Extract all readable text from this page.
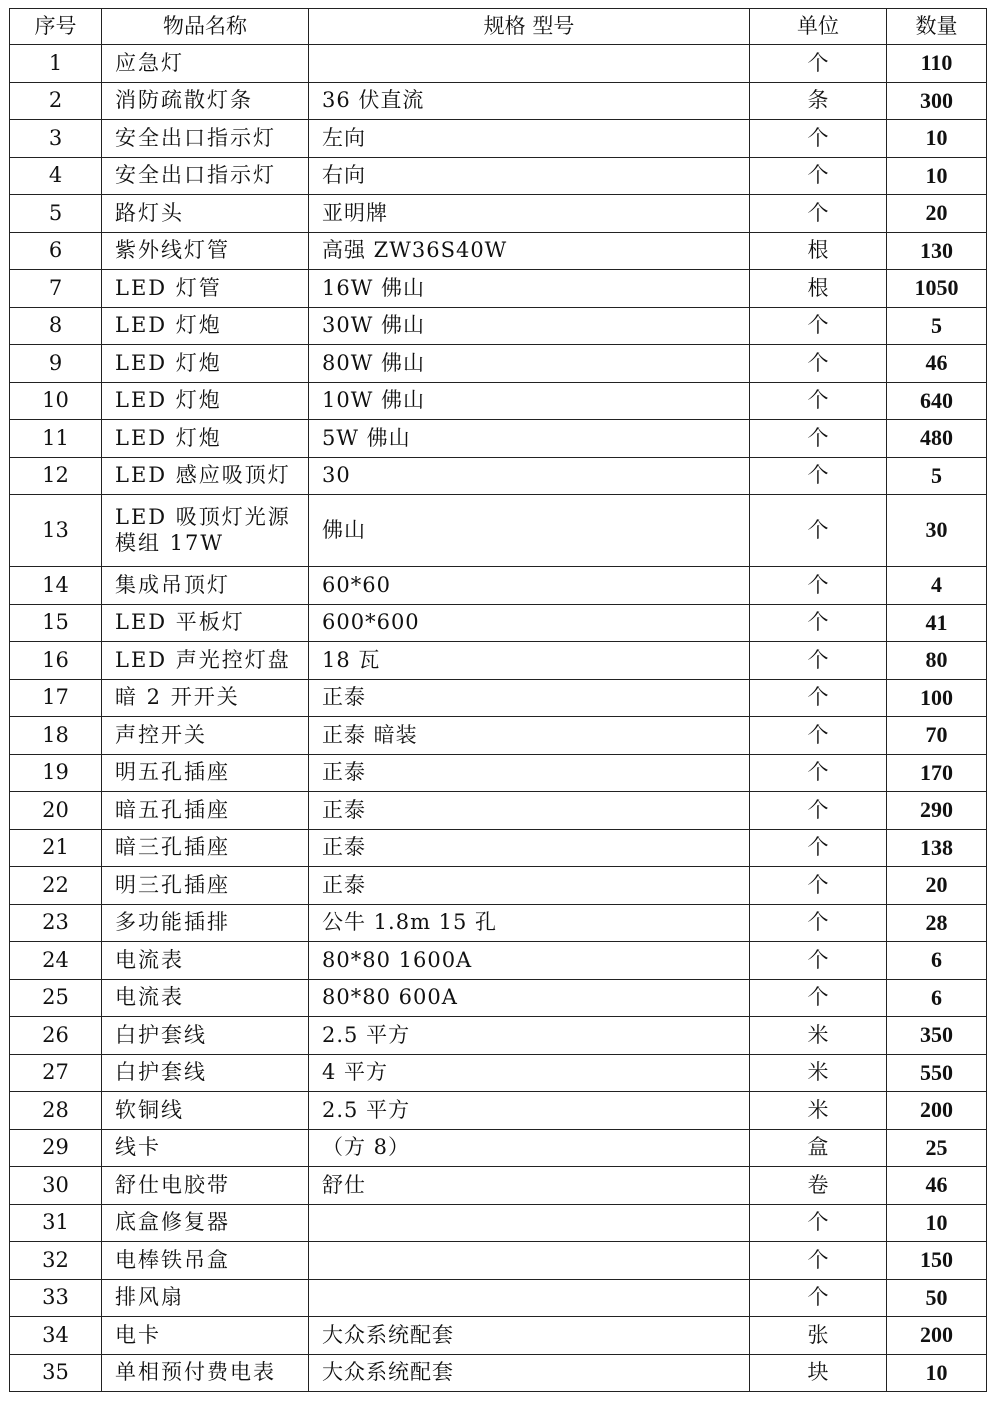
序号	物品名称	规格 型号	单位	数量
1	应急灯		个	110
2	消防疏散灯条	36 伏直流	条	300
3	安全出口指示灯	左向	个	10
4	安全出口指示灯	右向	个	10
5	路灯头	亚明牌	个	20
6	紫外线灯管	高强 ZW36S40W	根	130
7	LED 灯管	16W 佛山	根	1050
8	LED 灯炮	30W 佛山	个	5
9	LED 灯炮	80W 佛山	个	46
10	LED 灯炮	10W 佛山	个	640
11	LED 灯炮	5W 佛山	个	480
12	LED 感应吸顶灯	30	个	5
13	LED 吸顶灯光源模组 17W	佛山	个	30
14	集成吊顶灯	60*60	个	4
15	LED 平板灯	600*600	个	41
16	LED 声光控灯盘	18 瓦	个	80
17	暗 2 开开关	正泰	个	100
18	声控开关	正泰 暗装	个	70
19	明五孔插座	正泰	个	170
20	暗五孔插座	正泰	个	290
21	暗三孔插座	正泰	个	138
22	明三孔插座	正泰	个	20
23	多功能插排	公牛 1.8m 15 孔	个	28
24	电流表	80*80 1600A	个	6
25	电流表	80*80 600A	个	6
26	白护套线	2.5 平方	米	350
27	白护套线	4 平方	米	550
28	软铜线	2.5 平方	米	200
29	线卡	（方 8）	盒	25
30	舒仕电胶带	舒仕	卷	46
31	底盒修复器		个	10
32	电棒铁吊盒		个	150
33	排风扇		个	50
34	电卡	大众系统配套	张	200
35	单相预付费电表	大众系统配套	块	10
